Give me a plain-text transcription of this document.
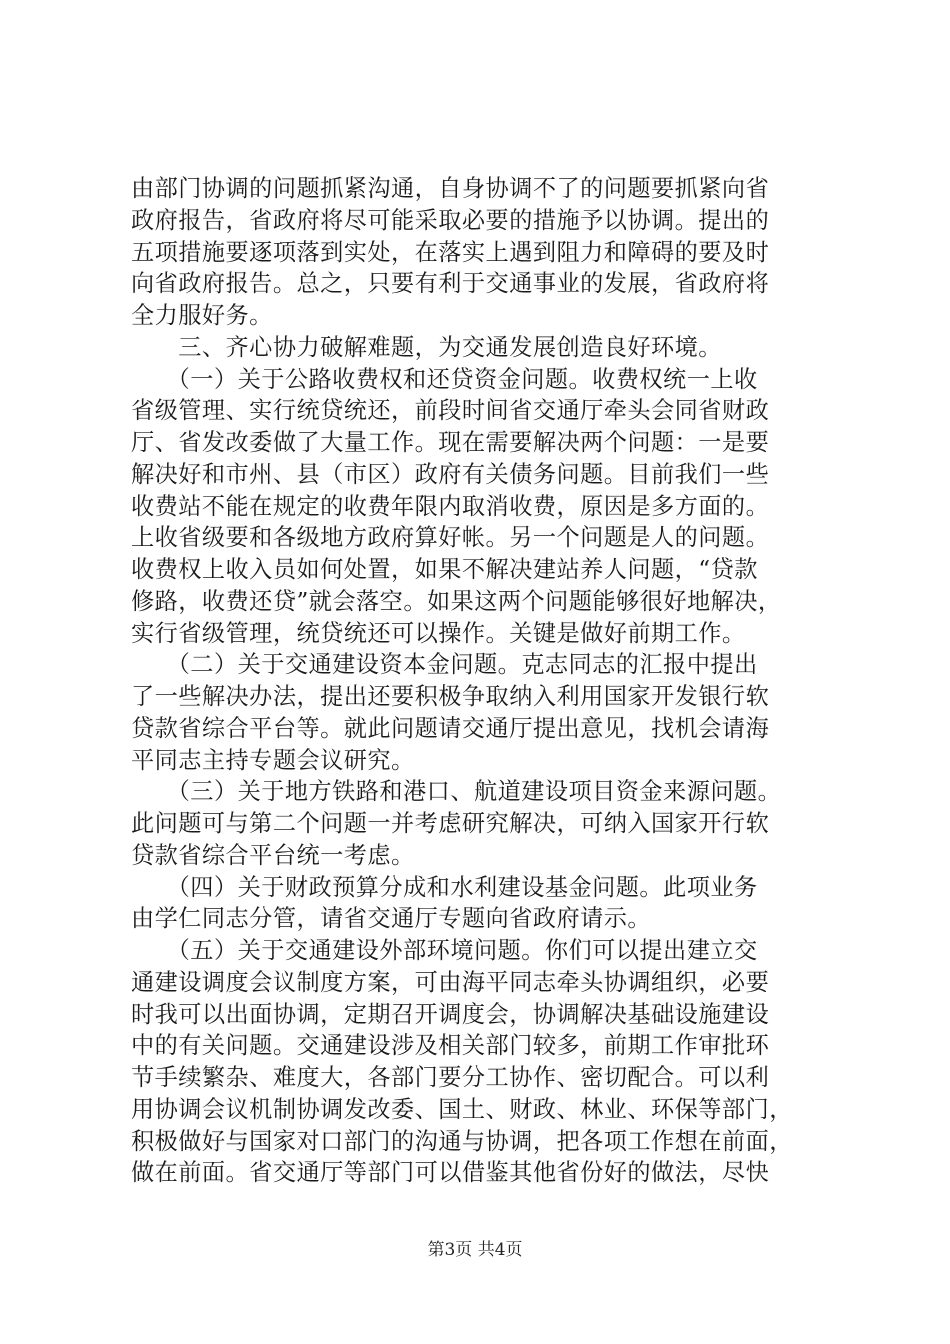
由部门协调的问题抓紧沟通，自身协调不了的问题要抓紧向省
政府报告，省政府将尽可能采取必要的措施予以协调。提出的
五项措施要逐项落到实处，在落实上遇到阻力和障碍的要及时
向省政府报告。总之，只要有利于交通事业的发展，省政府将
全力服好务。

　　三、齐心协力破解难题，为交通发展创造良好环境。

　　（一）关于公路收费权和还贷资金问题。收费权统一上收
省级管理、实行统贷统还，前段时间省交通厅牵头会同省财政
厅、省发改委做了大量工作。现在需要解决两个问题：一是要
解决好和市州、县（市区）政府有关债务问题。目前我们一些
收费站不能在规定的收费年限内取消收费，原因是多方面的。
上收省级要和各级地方政府算好帐。另一个问题是人的问题。
收费权上收入员如何处置，如果不解决建站养人问题，“贷款
修路，收费还贷”就会落空。如果这两个问题能够很好地解决，
实行省级管理，统贷统还可以操作。关键是做好前期工作。

　　（二）关于交通建设资本金问题。克志同志的汇报中提出
了一些解决办法，提出还要积极争取纳入利用国家开发银行软
贷款省综合平台等。就此问题请交通厅提出意见，找机会请海
平同志主持专题会议研究。

　　（三）关于地方铁路和港口、航道建设项目资金来源问题。
此问题可与第二个问题一并考虑研究解决，可纳入国家开行软
贷款省综合平台统一考虑。

　　（四）关于财政预算分成和水利建设基金问题。此项业务
由学仁同志分管，请省交通厅专题向省政府请示。

　　（五）关于交通建设外部环境问题。你们可以提出建立交
通建设调度会议制度方案，可由海平同志牵头协调组织，必要
时我可以出面协调，定期召开调度会，协调解决基础设施建设
中的有关问题。交通建设涉及相关部门较多，前期工作审批环
节手续繁杂、难度大，各部门要分工协作、密切配合。可以利
用协调会议机制协调发改委、国土、财政、林业、环保等部门，
积极做好与国家对口部门的沟通与协调，把各项工作想在前面，
做在前面。省交通厅等部门可以借鉴其他省份好的做法，尽快

第3页 共4页
